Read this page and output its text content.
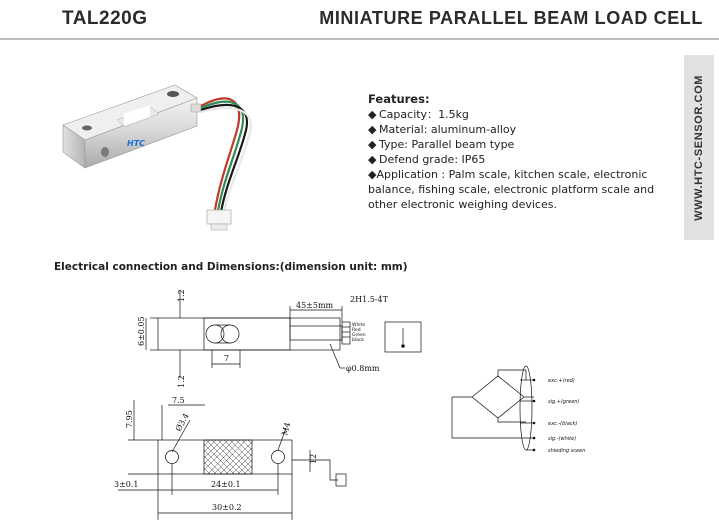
TAL220G	MINIATURE PARALLEL BEAM LOAD CELL
WWW.HTC-SENSOR.COM
HTC
Features:
◆ Capacity：1.5kg
◆ Material: aluminum-alloy
◆ Type: Parallel beam type
◆ Defend grade: IP65
◆Application : Palm scale, kitchen scale, electronic balance, fishing scale, electronic platform scale and other electronic weighing devices.
Electrical connection and Dimensions:(dimension unit: mm)
1.2
6±0.05
45±5mm
2H1.5-4T
7
1.2
φ0.8mm
7.5
7.95	Ø3.4	M4
12
3±0.1	24±0.1
30±0.2
White
Red
Green
black
exc.+(red)
sig.+(green)
exc.-(black)
sig.-(white)
shieding sceen
